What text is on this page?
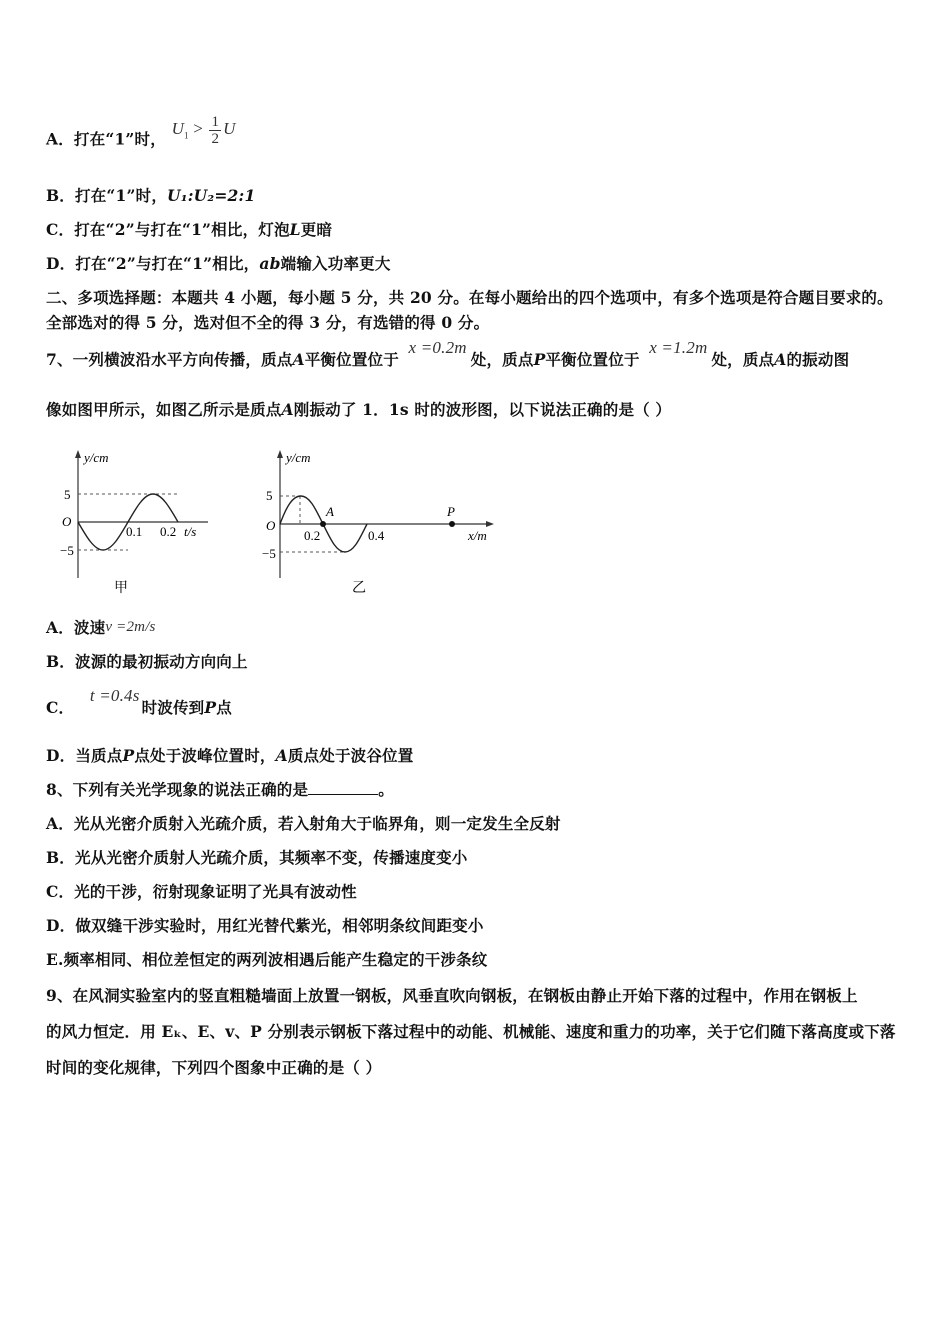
A．打在“1”时， $U_1 > \frac{1}{2}$ U
B．打在“1”时，U₁:U₂=2:1
C．打在“2”与打在“1”相比，灯泡L更暗
D．打在“2”与打在“1”相比，ab端输入功率更大
二、多项选择题：本题共 4 小题，每小题 5 分，共 20 分。在每小题给出的四个选项中，有多个选项是符合题目要求的。
全部选对的得 5 分，选对但不全的得 3 分，有选错的得 0 分。
7、一列横波沿水平方向传播，质点A平衡位置位于 x =0.2m处，质点P平衡位置位于 x =1.2m处，质点A的振动图
像如图甲所示，如图乙所示是质点A刚振动了 1．1s 时的波形图，以下说法正确的是（ ）
y/cm
5
−5
O
0.1 0.2 t/s
甲
y/cm
5
−5
O
A	P
0.2	0.4	x/m
乙
A．波速v =2m/s
B．波源的最初振动方向向上
C． t =0.4s时波传到P点
D．当质点P点处于波峰位置时，A质点处于波谷位置
8、下列有关光学现象的说法正确的是	。
A．光从光密介质射入光疏介质，若入射角大于临界角，则一定发生全反射
B．光从光密介质射人光疏介质，其频率不变，传播速度变小
C．光的干涉，衍射现象证明了光具有波动性
D．做双缝干涉实验时，用红光替代紫光，相邻明条纹间距变小
E.频率相同、相位差恒定的两列波相遇后能产生稳定的干涉条纹
9、在风洞实验室内的竖直粗糙墙面上放置一钢板，风垂直吹向钢板，在钢板由静止开始下落的过程中，作用在钢板上
的风力恒定．用 Eₖ、E、v、P 分别表示钢板下落过程中的动能、机械能、速度和重力的功率，关于它们随下落高度或下落
时间的变化规律，下列四个图象中正确的是（ ）
